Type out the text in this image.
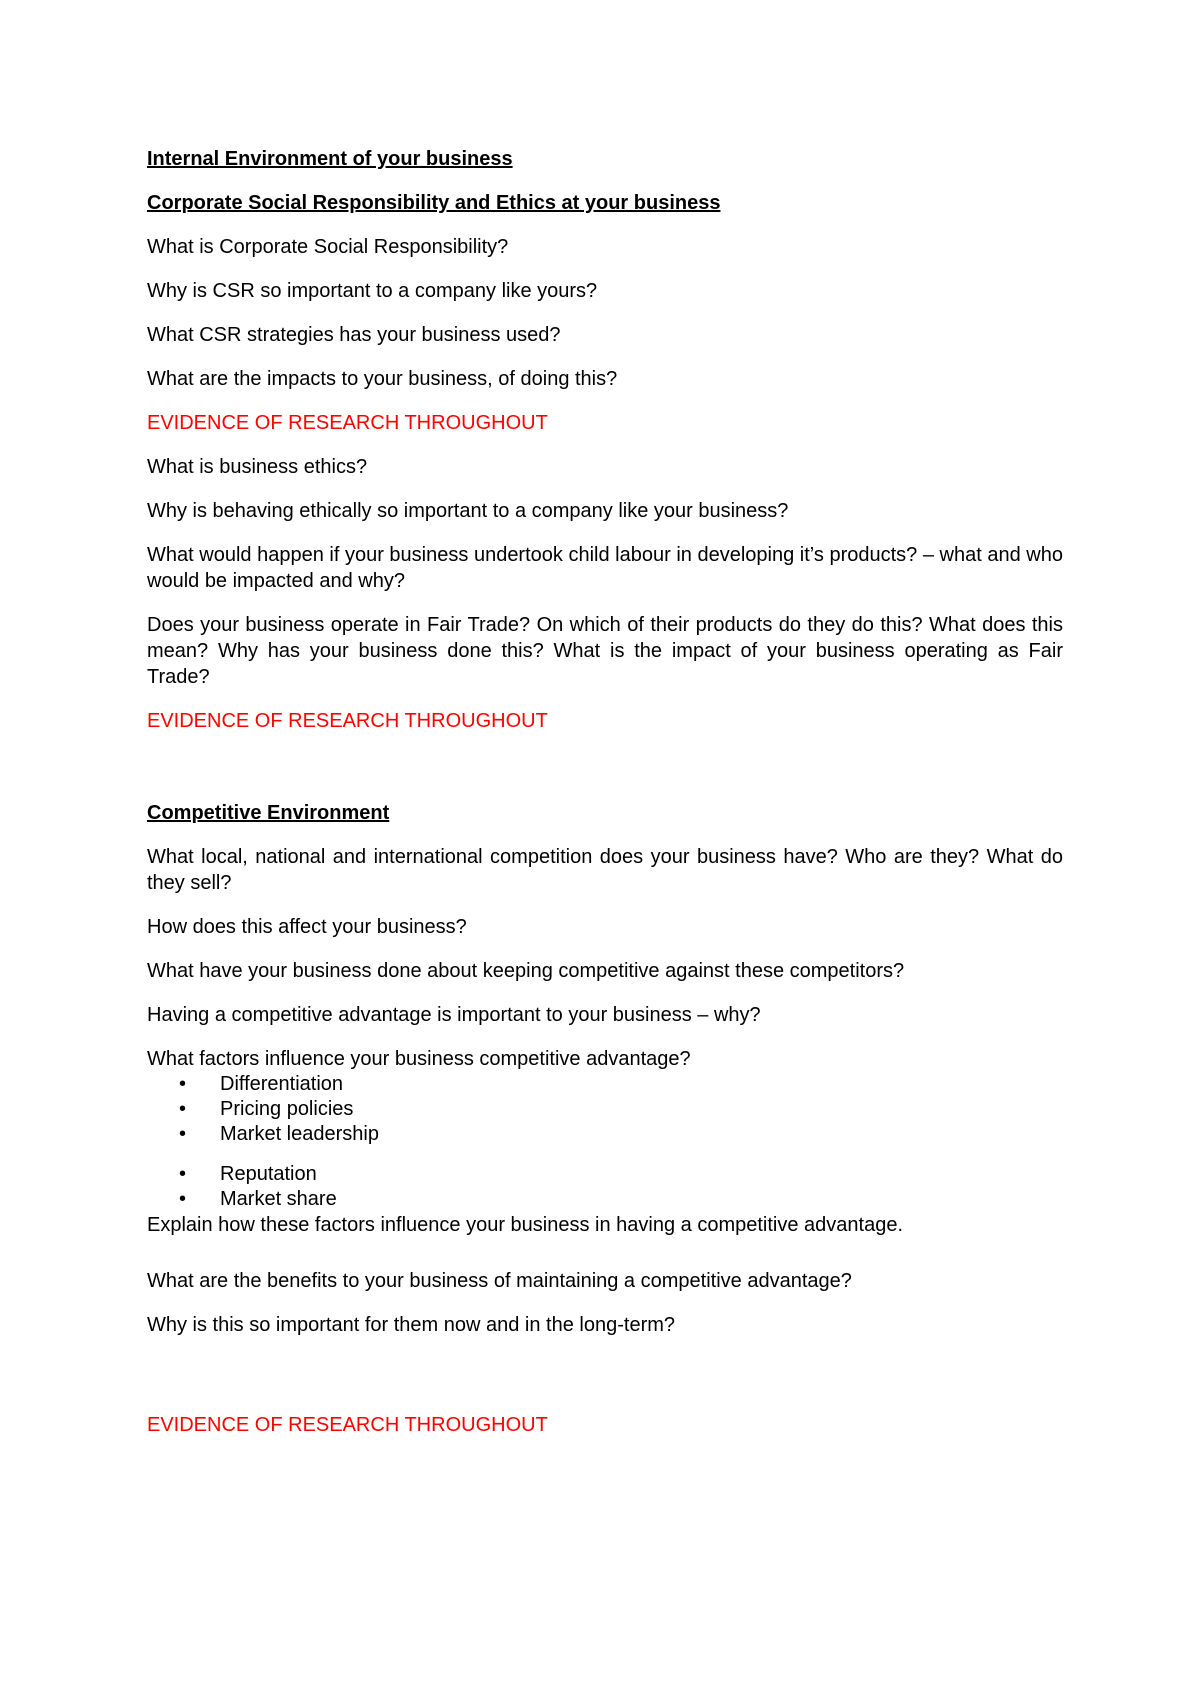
Internal Environment of your business
Corporate Social Responsibility and Ethics at your business
What is Corporate Social Responsibility?
Why is CSR so important to a company like yours?
What CSR strategies has your business used?
What are the impacts to your business, of doing this?
EVIDENCE OF RESEARCH THROUGHOUT
What is business ethics?
Why is behaving ethically so important to a company like your business?
What would happen if your business undertook child labour in developing it’s products? – what and who would be impacted and why?
Does your business operate in Fair Trade? On which of their products do they do this? What does this mean? Why has your business done this? What is the impact of your business operating as Fair Trade?
EVIDENCE OF RESEARCH THROUGHOUT
Competitive Environment
What local, national and international competition does your business have? Who are they? What do they sell?
How does this affect your business?
What have your business done about keeping competitive against these competitors?
Having a competitive advantage is important to your business – why?
What factors influence your business competitive advantage?
• Differentiation
• Pricing policies
• Market leadership
• Reputation
• Market share
Explain how these factors influence your business in having a competitive advantage.
What are the benefits to your business of maintaining a competitive advantage?
Why is this so important for them now and in the long-term?
EVIDENCE OF RESEARCH THROUGHOUT
